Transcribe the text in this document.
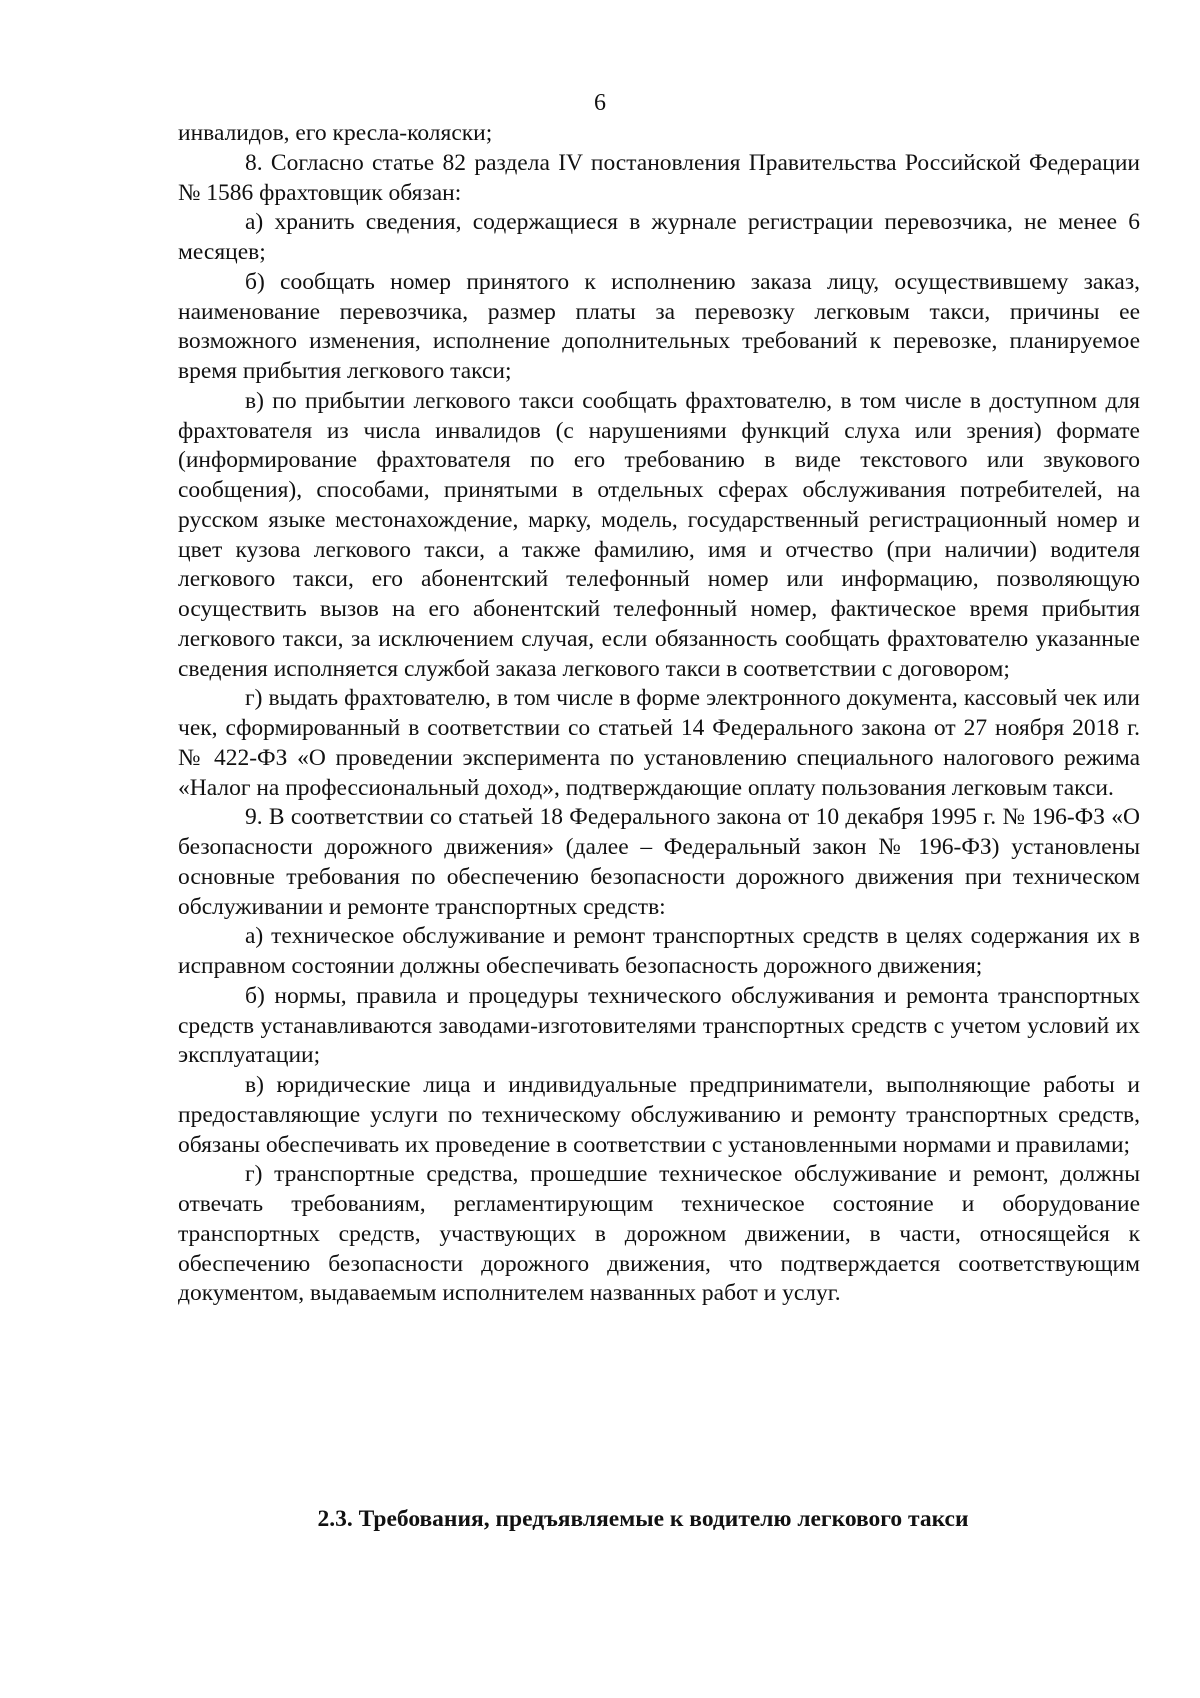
6

инвалидов, его кресла-коляски;

8. Согласно статье 82 раздела IV постановления Правительства Российской Федерации № 1586 фрахтовщик обязан:

а) хранить сведения, содержащиеся в журнале регистрации перевозчика, не менее 6 месяцев;

б) сообщать номер принятого к исполнению заказа лицу, осуществившему заказ, наименование перевозчика, размер платы за перевозку легковым такси, причины ее возможного изменения, исполнение дополнительных требований к перевозке, планируемое время прибытия легкового такси;

в) по прибытии легкового такси сообщать фрахтователю, в том числе в доступном для фрахтователя из числа инвалидов (с нарушениями функций слуха или зрения) формате (информирование фрахтователя по его требованию в виде текстового или звукового сообщения), способами, принятыми в отдельных сферах обслуживания потребителей, на русском языке местонахождение, марку, модель, государственный регистрационный номер и цвет кузова легкового такси, а также фамилию, имя и отчество (при наличии) водителя легкового такси, его абонентский телефонный номер или информацию, позволяющую осуществить вызов на его абонентский телефонный номер, фактическое время прибытия легкового такси, за исключением случая, если обязанность сообщать фрахтователю указанные сведения исполняется службой заказа легкового такси в соответствии с договором;

г) выдать фрахтователю, в том числе в форме электронного документа, кассовый чек или чек, сформированный в соответствии со статьей 14 Федерального закона от 27 ноября 2018 г. № 422-ФЗ «О проведении эксперимента по установлению специального налогового режима «Налог на профессиональный доход», подтверждающие оплату пользования легковым такси.

9. В соответствии со статьей 18 Федерального закона от 10 декабря 1995 г. № 196-ФЗ «О безопасности дорожного движения» (далее – Федеральный закон № 196-ФЗ) установлены основные требования по обеспечению безопасности дорожного движения при техническом обслуживании и ремонте транспортных средств:

а) техническое обслуживание и ремонт транспортных средств в целях содержания их в исправном состоянии должны обеспечивать безопасность дорожного движения;

б) нормы, правила и процедуры технического обслуживания и ремонта транспортных средств устанавливаются заводами-изготовителями транспортных средств с учетом условий их эксплуатации;

в) юридические лица и индивидуальные предприниматели, выполняющие работы и предоставляющие услуги по техническому обслуживанию и ремонту транспортных средств, обязаны обеспечивать их проведение в соответствии с установленными нормами и правилами;

г) транспортные средства, прошедшие техническое обслуживание и ремонт, должны отвечать требованиям, регламентирующим техническое состояние и оборудование транспортных средств, участвующих в дорожном движении, в части, относящейся к обеспечению безопасности дорожного движения, что подтверждается соответствующим документом, выдаваемым исполнителем названных работ и услуг.

2.3. Требования, предъявляемые к водителю легкового такси
